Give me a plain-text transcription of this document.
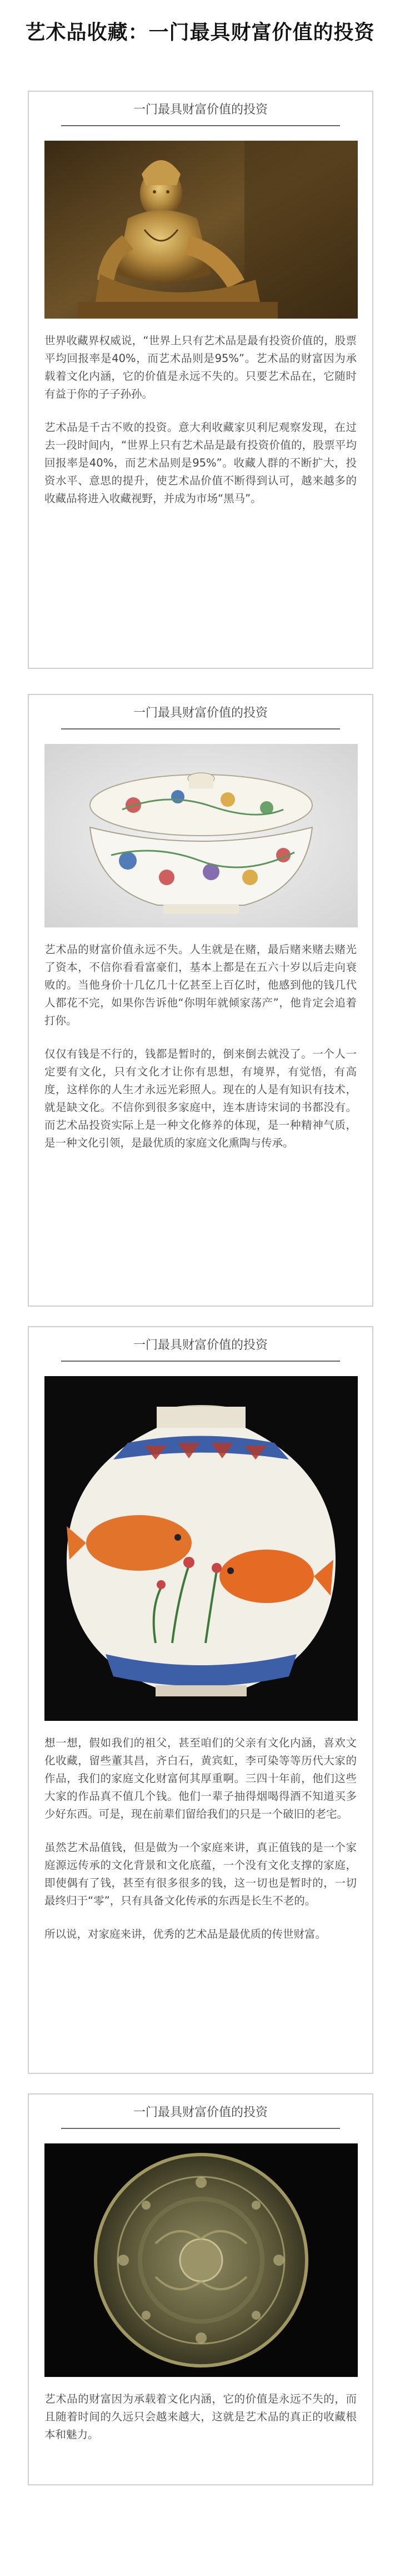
艺术品收藏：一门最具财富价值的投资
一门最具财富价值的投资

世界收藏界权威说，“世界上只有艺术品是最有投资价值的，股票平均回报率是40%，而艺术品则是95%”。艺术品的财富因为承载着文化内涵，它的价值是永远不失的。只要艺术品在，它随时有益于你的子子孙孙。

艺术品是千古不败的投资。意大利收藏家贝利尼观察发现，在过去一段时间内，“世界上只有艺术品是最有投资价值的，股票平均回报率是40%，而艺术品则是95%”。收藏人群的不断扩大，投资水平、意思的提升，使艺术品价值不断得到认可，越来越多的收藏品将进入收藏视野，并成为市场“黑马”。

一门最具财富价值的投资

艺术品的财富价值永远不失。人生就是在赌，最后赌来赌去赌光了资本，不信你看看富豪们，基本上都是在五六十岁以后走向衰败的。当他身价十几亿几十亿甚至上百亿时，他感到他的钱几代人都花不完，如果你告诉他“你明年就倾家荡产”，他肯定会追着打你。

仅仅有钱是不行的，钱都是暂时的，倒来倒去就没了。一个人一定要有文化，只有文化才让你有思想，有境界，有觉悟，有高度，这样你的人生才永远光彩照人。现在的人是有知识有技术，就是缺文化。不信你到很多家庭中，连本唐诗宋词的书都没有。而艺术品投资实际上是一种文化修养的体现，是一种精神气质，是一种文化引领，是最优质的家庭文化熏陶与传承。

一门最具财富价值的投资

想一想，假如我们的祖父，甚至咱们的父亲有文化内涵，喜欢文化收藏，留些董其昌，齐白石，黄宾虹，李可染等等历代大家的作品，我们的家庭文化财富何其厚重啊。三四十年前，他们这些大家的作品真不值几个钱。他们一辈子抽得烟喝得酒不知道买多少好东西。可是，现在前辈们留给我们的只是一个破旧的老宅。

虽然艺术品值钱，但是做为一个家庭来讲，真正值钱的是一个家庭源远传承的文化背景和文化底蕴，一个没有文化支撑的家庭，即使偶有了钱，甚至有很多很多的钱，这一切也是暂时的，一切最终归于“零”，只有具备文化传承的东西是长生不老的。

所以说，对家庭来讲，优秀的艺术品是最优质的传世财富。

一门最具财富价值的投资

艺术品的财富因为承载着文化内涵，它的价值是永远不失的，而且随着时间的久远只会越来越大，这就是艺术品的真正的收藏根本和魅力。
